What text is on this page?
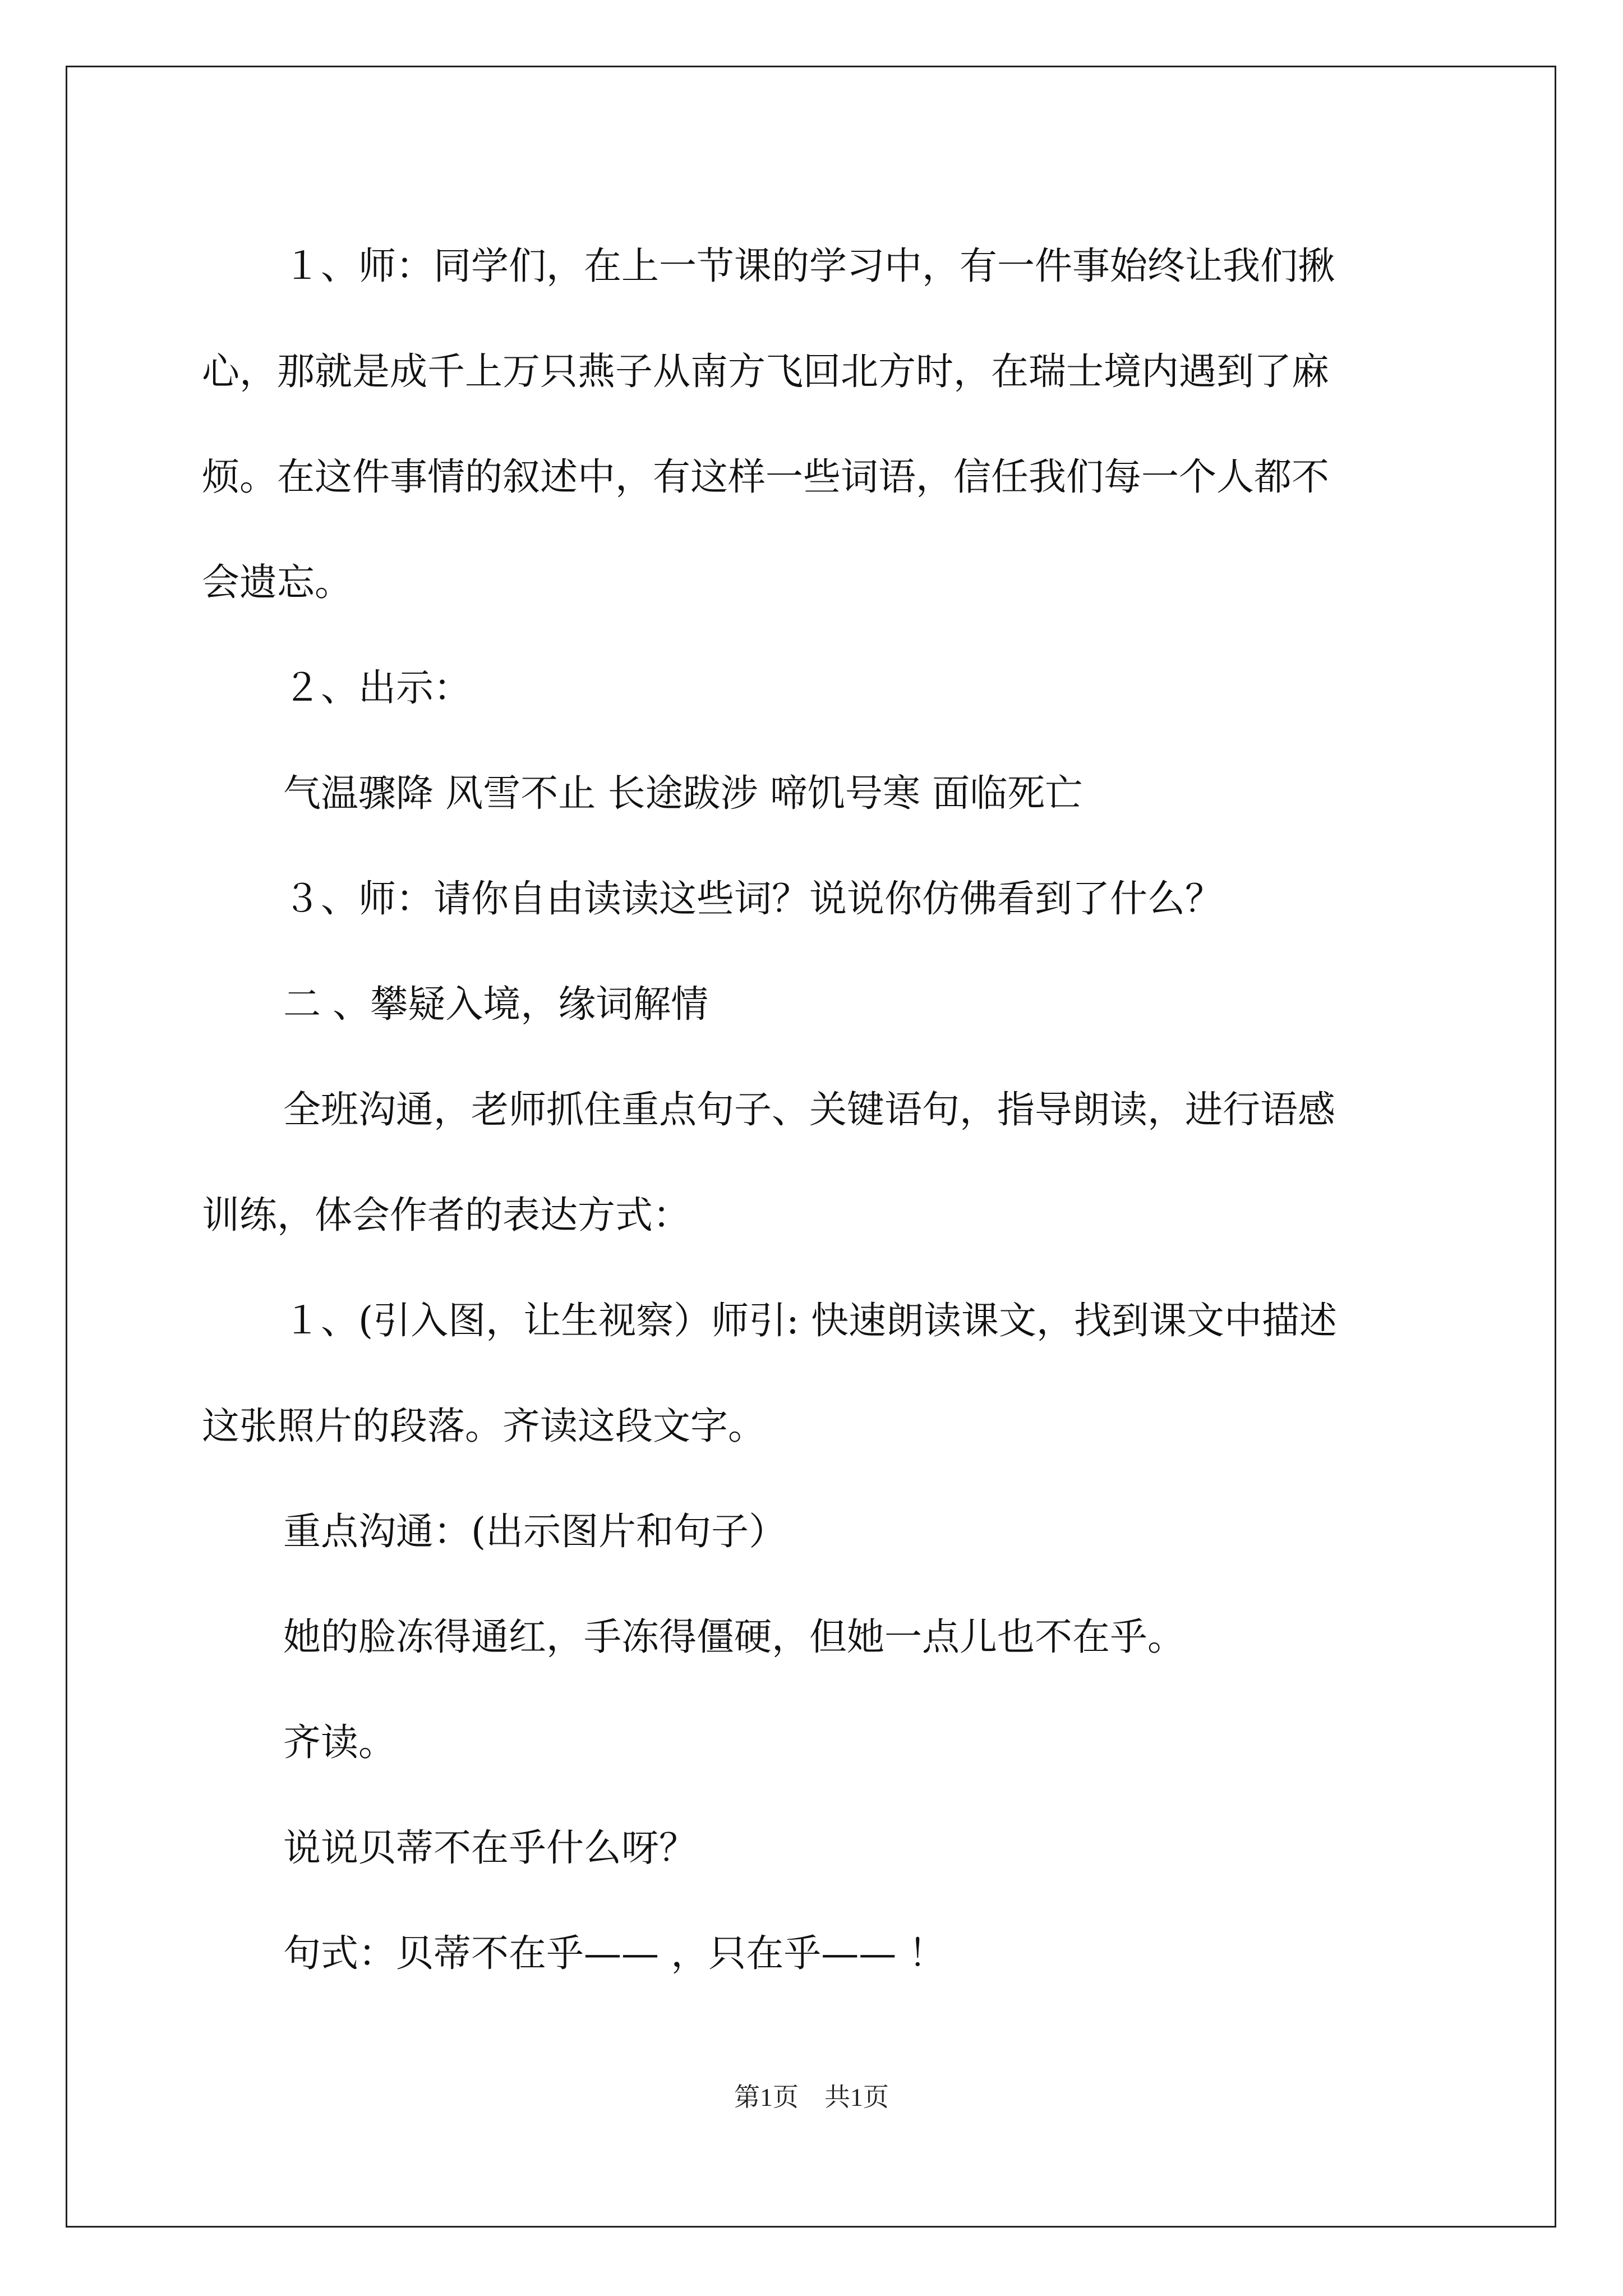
１、师：同学们，在上一节课的学习中，有一件事始终让我们揪
心，那就是成千上万只燕子从南方飞回北方时，在瑞士境内遇到了麻
烦。在这件事情的叙述中，有这样一些词语，信任我们每一个人都不
会遗忘。
２、出示：
气温骤降 风雪不止 长途跋涉 啼饥号寒 面临死亡
３、师：请你自由读读这些词？说说你仿佛看到了什么？
二 、攀疑入境，缘词解情
全班沟通，老师抓住重点句子、关键语句，指导朗读，进行语感
训练，体会作者的表达方式：
１、(引入图，让生视察）师引: 快速朗读课文，找到课文中描述
这张照片的段落。齐读这段文字。
重点沟通：(出示图片和句子）
她的脸冻得通红，手冻得僵硬，但她一点儿也不在乎。
齐读。
说说贝蒂不在乎什么呀？
句式：贝蒂不在乎—— ，只在乎—— ！
第1页　共1页
